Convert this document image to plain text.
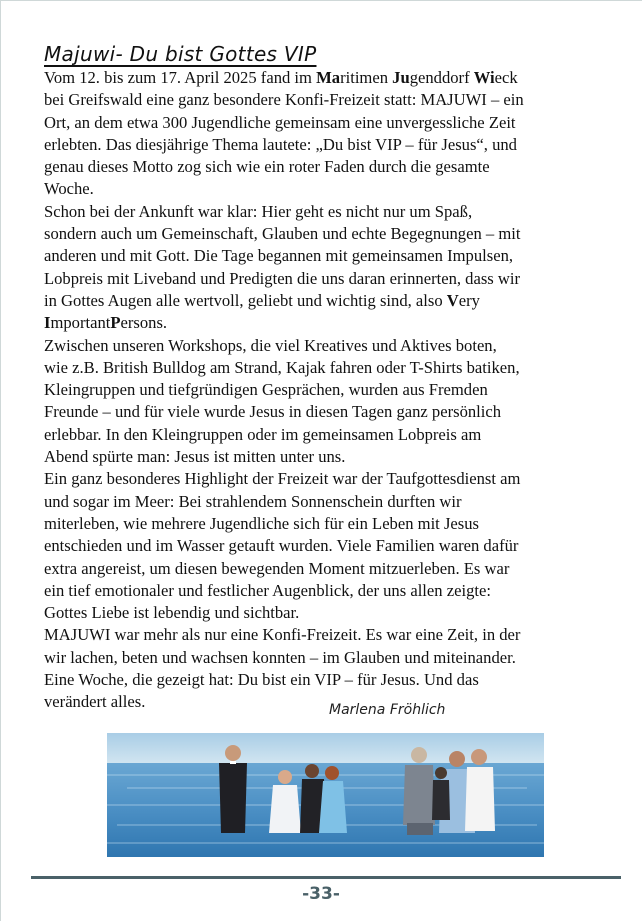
Majuwi- Du bist Gottes VIP
Vom 12. bis zum 17. April 2025 fand im Maritimen Jugenddorf Wieck
bei Greifswald eine ganz besondere Konfi-Freizeit statt: MAJUWI – ein
Ort, an dem etwa 300 Jugendliche gemeinsam eine unvergessliche Zeit
erlebten. Das diesjährige Thema lautete: „Du bist VIP – für Jesus“, und
genau dieses Motto zog sich wie ein roter Faden durch die gesamte
Woche.
Schon bei der Ankunft war klar: Hier geht es nicht nur um Spaß,
sondern auch um Gemeinschaft, Glauben und echte Begegnungen – mit
anderen und mit Gott. Die Tage begannen mit gemeinsamen Impulsen,
Lobpreis mit Liveband und Predigten die uns daran erinnerten, dass wir
in Gottes Augen alle wertvoll, geliebt und wichtig sind, also Very
ImportantPersons.
Zwischen unseren Workshops, die viel Kreatives und Aktives boten,
wie z.B. British Bulldog am Strand, Kajak fahren oder T-Shirts batiken,
Kleingruppen und tiefgründigen Gesprächen, wurden aus Fremden
Freunde – und für viele wurde Jesus in diesen Tagen ganz persönlich
erlebbar. In den Kleingruppen oder im gemeinsamen Lobpreis am
Abend spürte man: Jesus ist mitten unter uns.
Ein ganz besonderes Highlight der Freizeit war der Taufgottesdienst am
und sogar im Meer: Bei strahlendem Sonnenschein durften wir
miterleben, wie mehrere Jugendliche sich für ein Leben mit Jesus
entschieden und im Wasser getauft wurden. Viele Familien waren dafür
extra angereist, um diesen bewegenden Moment mitzuerleben. Es war
ein tief emotionaler und festlicher Augenblick, der uns allen zeigte:
Gottes Liebe ist lebendig und sichtbar.
MAJUWI war mehr als nur eine Konfi-Freizeit. Es war eine Zeit, in der
wir lachen, beten und wachsen konnten – im Glauben und miteinander.
Eine Woche, die gezeigt hat: Du bist ein VIP – für Jesus. Und das
verändert alles.	Marlena Fröhlich
-33-
